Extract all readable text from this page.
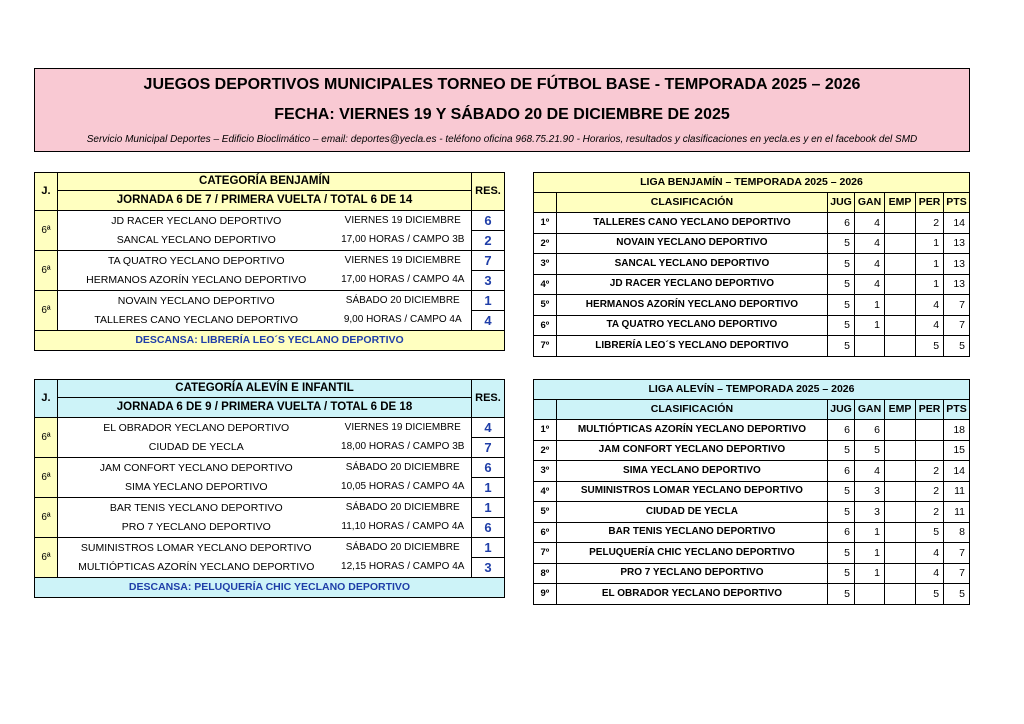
JUEGOS DEPORTIVOS MUNICIPALES TORNEO DE FÚTBOL BASE - TEMPORADA 2025 – 2026
FECHA: VIERNES 19 Y SÁBADO 20 DE DICIEMBRE DE 2025
Servicio Municipal Deportes – Edificio Bioclimático – email: deportes@yecla.es - teléfono oficina 968.75.21.90 - Horarios, resultados y clasificaciones en yecla.es y en el facebook del SMD
J.	CATEGORÍA BENJAMÍN		RES.
	JORNADA 6 DE 7 / PRIMERA VUELTA / TOTAL 6 DE 14		
6ª	JD RACER YECLANO DEPORTIVO	VIERNES 19 DICIEMBRE	6
	SANCAL YECLANO DEPORTIVO	17,00 HORAS / CAMPO 3B	2
6ª	TA QUATRO YECLANO DEPORTIVO	VIERNES 19 DICIEMBRE	7
	HERMANOS AZORÍN YECLANO DEPORTIVO	17,00 HORAS / CAMPO 4A	3
6ª	NOVAIN YECLANO DEPORTIVO	SÁBADO 20 DICIEMBRE	1
	TALLERES CANO YECLANO DEPORTIVO	9,00 HORAS / CAMPO 4A	4
DESCANSA: LIBRERÍA LEO´S YECLANO DEPORTIVO			
LIGA BENJAMÍN – TEMPORADA 2025 – 2026						
	CLASIFICACIÓN	JUG	GAN	EMP	PER	PTS
1º	TALLERES CANO YECLANO DEPORTIVO	6	4		2	14
2º	NOVAIN YECLANO DEPORTIVO	5	4		1	13
3º	SANCAL YECLANO DEPORTIVO	5	4		1	13
4º	JD RACER YECLANO DEPORTIVO	5	4		1	13
5º	HERMANOS AZORÍN YECLANO DEPORTIVO	5	1		4	7
6º	TA QUATRO YECLANO DEPORTIVO	5	1		4	7
7º	LIBRERÍA LEO´S YECLANO DEPORTIVO	5			5	5
J.	CATEGORÍA ALEVÍN E INFANTIL		RES.
	JORNADA 6 DE 9 / PRIMERA VUELTA / TOTAL 6 DE 18		
6ª	EL OBRADOR YECLANO DEPORTIVO	VIERNES 19 DICIEMBRE	4
	CIUDAD DE YECLA	18,00 HORAS / CAMPO 3B	7
6ª	JAM CONFORT YECLANO DEPORTIVO	SÁBADO 20 DICIEMBRE	6
	SIMA YECLANO DEPORTIVO	10,05 HORAS / CAMPO 4A	1
6ª	BAR TENIS YECLANO DEPORTIVO	SÁBADO 20 DICIEMBRE	1
	PRO 7 YECLANO DEPORTIVO	11,10 HORAS / CAMPO 4A	6
6ª	SUMINISTROS LOMAR YECLANO DEPORTIVO	SÁBADO 20 DICIEMBRE	1
	MULTIÓPTICAS AZORÍN YECLANO DEPORTIVO	12,15 HORAS / CAMPO 4A	3
DESCANSA: PELUQUERÍA CHIC YECLANO DEPORTIVO			
LIGA ALEVÍN – TEMPORADA 2025 – 2026						
	CLASIFICACIÓN	JUG	GAN	EMP	PER	PTS
1º	MULTIÓPTICAS AZORÍN YECLANO DEPORTIVO	6	6			18
2º	JAM CONFORT YECLANO DEPORTIVO	5	5			15
3º	SIMA YECLANO DEPORTIVO	6	4		2	14
4º	SUMINISTROS LOMAR YECLANO DEPORTIVO	5	3		2	11
5º	CIUDAD DE YECLA	5	3		2	11
6º	BAR TENIS YECLANO DEPORTIVO	6	1		5	8
7º	PELUQUERÍA CHIC YECLANO DEPORTIVO	5	1		4	7
8º	PRO 7 YECLANO DEPORTIVO	5	1		4	7
9º	EL OBRADOR YECLANO DEPORTIVO	5			5	5
